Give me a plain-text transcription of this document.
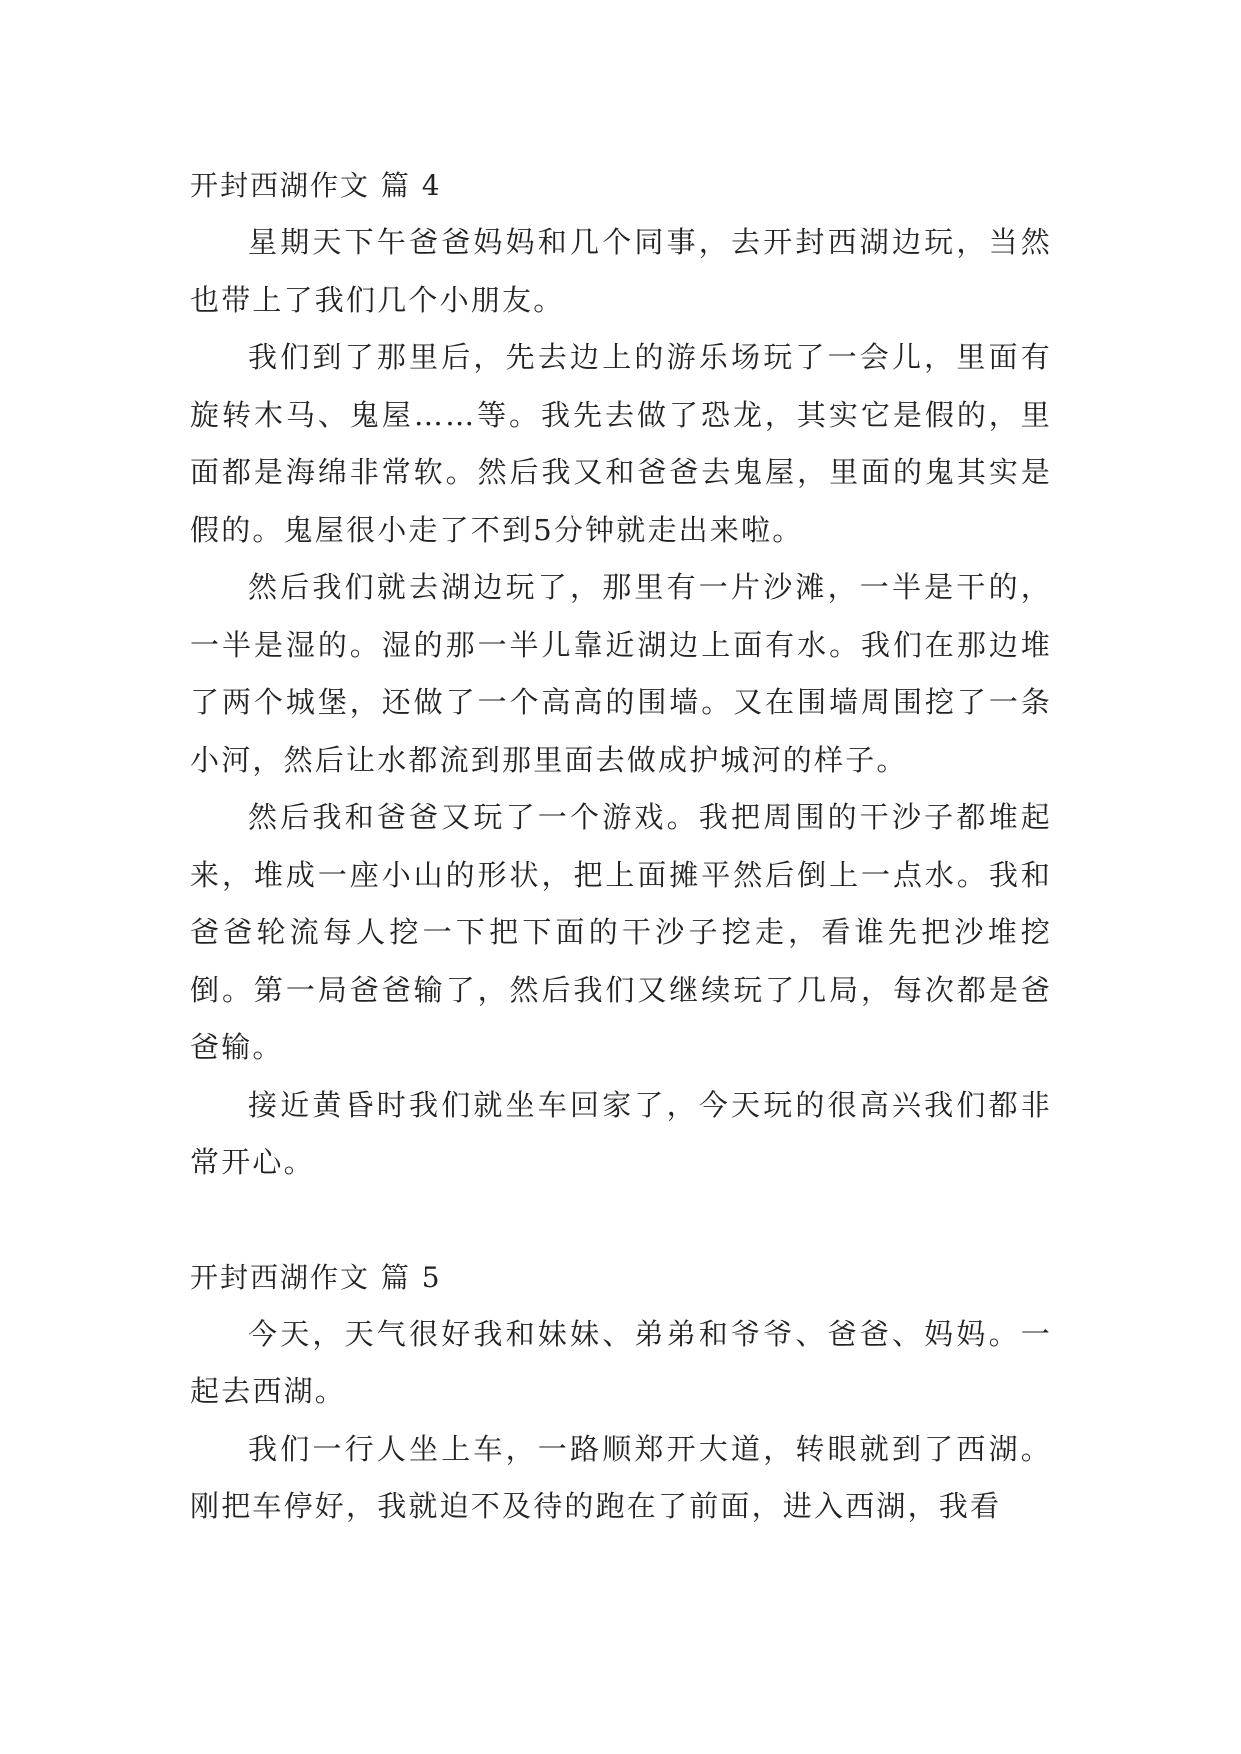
开封西湖作文 篇 4

星期天下午爸爸妈妈和几个同事，去开封西湖边玩，当然也带上了我们几个小朋友。

我们到了那里后，先去边上的游乐场玩了一会儿，里面有旋转木马、鬼屋……等。我先去做了恐龙，其实它是假的，里面都是海绵非常软。然后我又和爸爸去鬼屋，里面的鬼其实是假的。鬼屋很小走了不到5分钟就走出来啦。

然后我们就去湖边玩了，那里有一片沙滩，一半是干的，一半是湿的。湿的那一半儿靠近湖边上面有水。我们在那边堆了两个城堡，还做了一个高高的围墙。又在围墙周围挖了一条小河，然后让水都流到那里面去做成护城河的样子。

然后我和爸爸又玩了一个游戏。我把周围的干沙子都堆起来，堆成一座小山的形状，把上面摊平然后倒上一点水。我和爸爸轮流每人挖一下把下面的干沙子挖走，看谁先把沙堆挖倒。第一局爸爸输了，然后我们又继续玩了几局，每次都是爸爸输。

接近黄昏时我们就坐车回家了，今天玩的很高兴我们都非常开心。

开封西湖作文 篇 5

今天，天气很好我和妹妹、弟弟和爷爷、爸爸、妈妈。一起去西湖。

我们一行人坐上车，一路顺郑开大道，转眼就到了西湖。刚把车停好，我就迫不及待的跑在了前面，进入西湖，我看
